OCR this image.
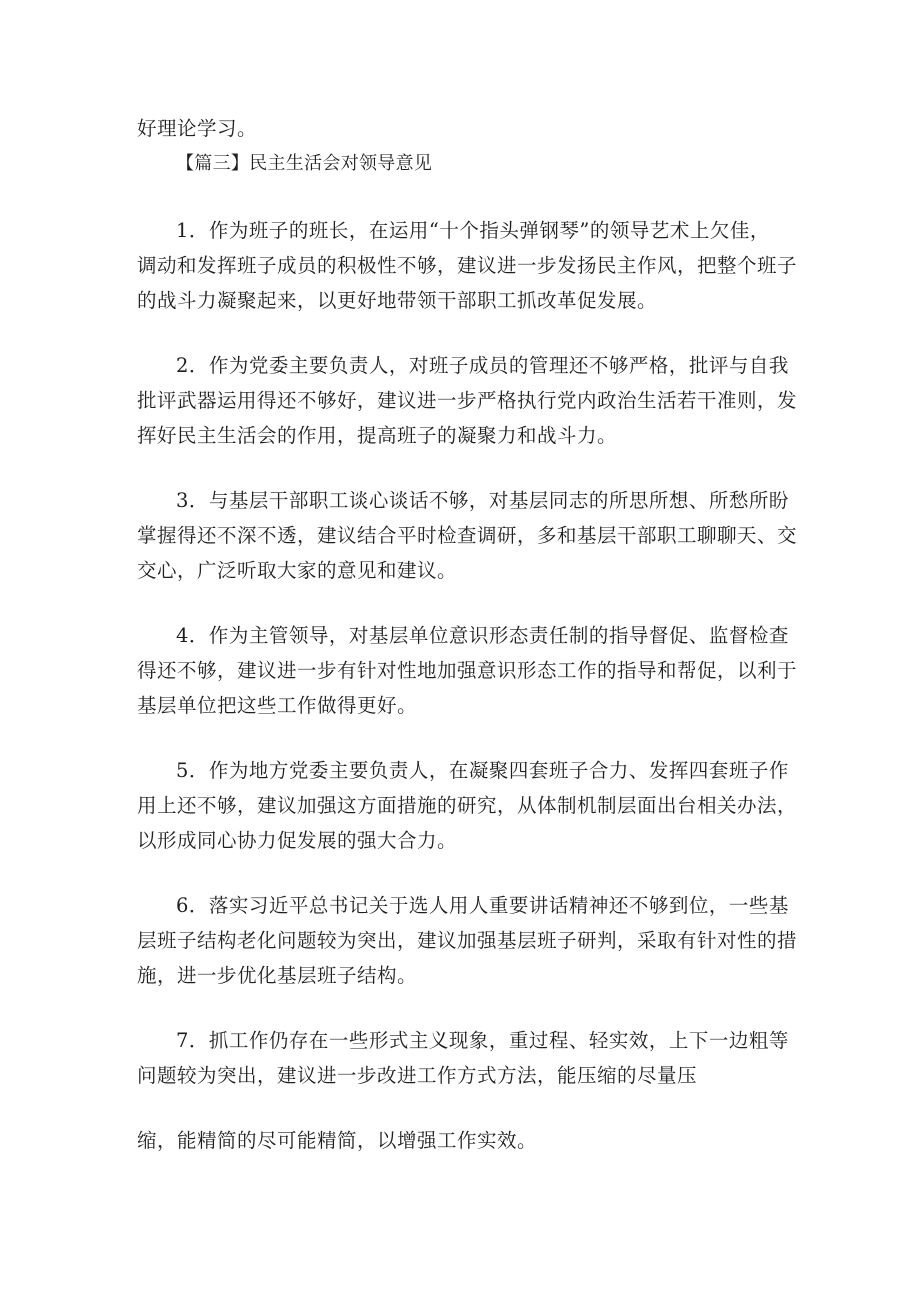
好理论学习。
【篇三】民主生活会对领导意见
1．作为班子的班长，在运用“十个指头弹钢琴”的领导艺术上欠佳，
调动和发挥班子成员的积极性不够，建议进一步发扬民主作风，把整个班子
的战斗力凝聚起来，以更好地带领干部职工抓改革促发展。
2．作为党委主要负责人，对班子成员的管理还不够严格，批评与自我
批评武器运用得还不够好，建议进一步严格执行党内政治生活若干准则，发
挥好民主生活会的作用，提高班子的凝聚力和战斗力。
3．与基层干部职工谈心谈话不够，对基层同志的所思所想、所愁所盼
掌握得还不深不透，建议结合平时检查调研，多和基层干部职工聊聊天、交
交心，广泛听取大家的意见和建议。
4．作为主管领导，对基层单位意识形态责任制的指导督促、监督检查
得还不够，建议进一步有针对性地加强意识形态工作的指导和帮促，以利于
基层单位把这些工作做得更好。
5．作为地方党委主要负责人，在凝聚四套班子合力、发挥四套班子作
用上还不够，建议加强这方面措施的研究，从体制机制层面出台相关办法，
以形成同心协力促发展的强大合力。
6．落实习近平总书记关于选人用人重要讲话精神还不够到位，一些基
层班子结构老化问题较为突出，建议加强基层班子研判，采取有针对性的措
施，进一步优化基层班子结构。
7．抓工作仍存在一些形式主义现象，重过程、轻实效，上下一边粗等
问题较为突出，建议进一步改进工作方式方法，能压缩的尽量压
缩，能精简的尽可能精简，以增强工作实效。
